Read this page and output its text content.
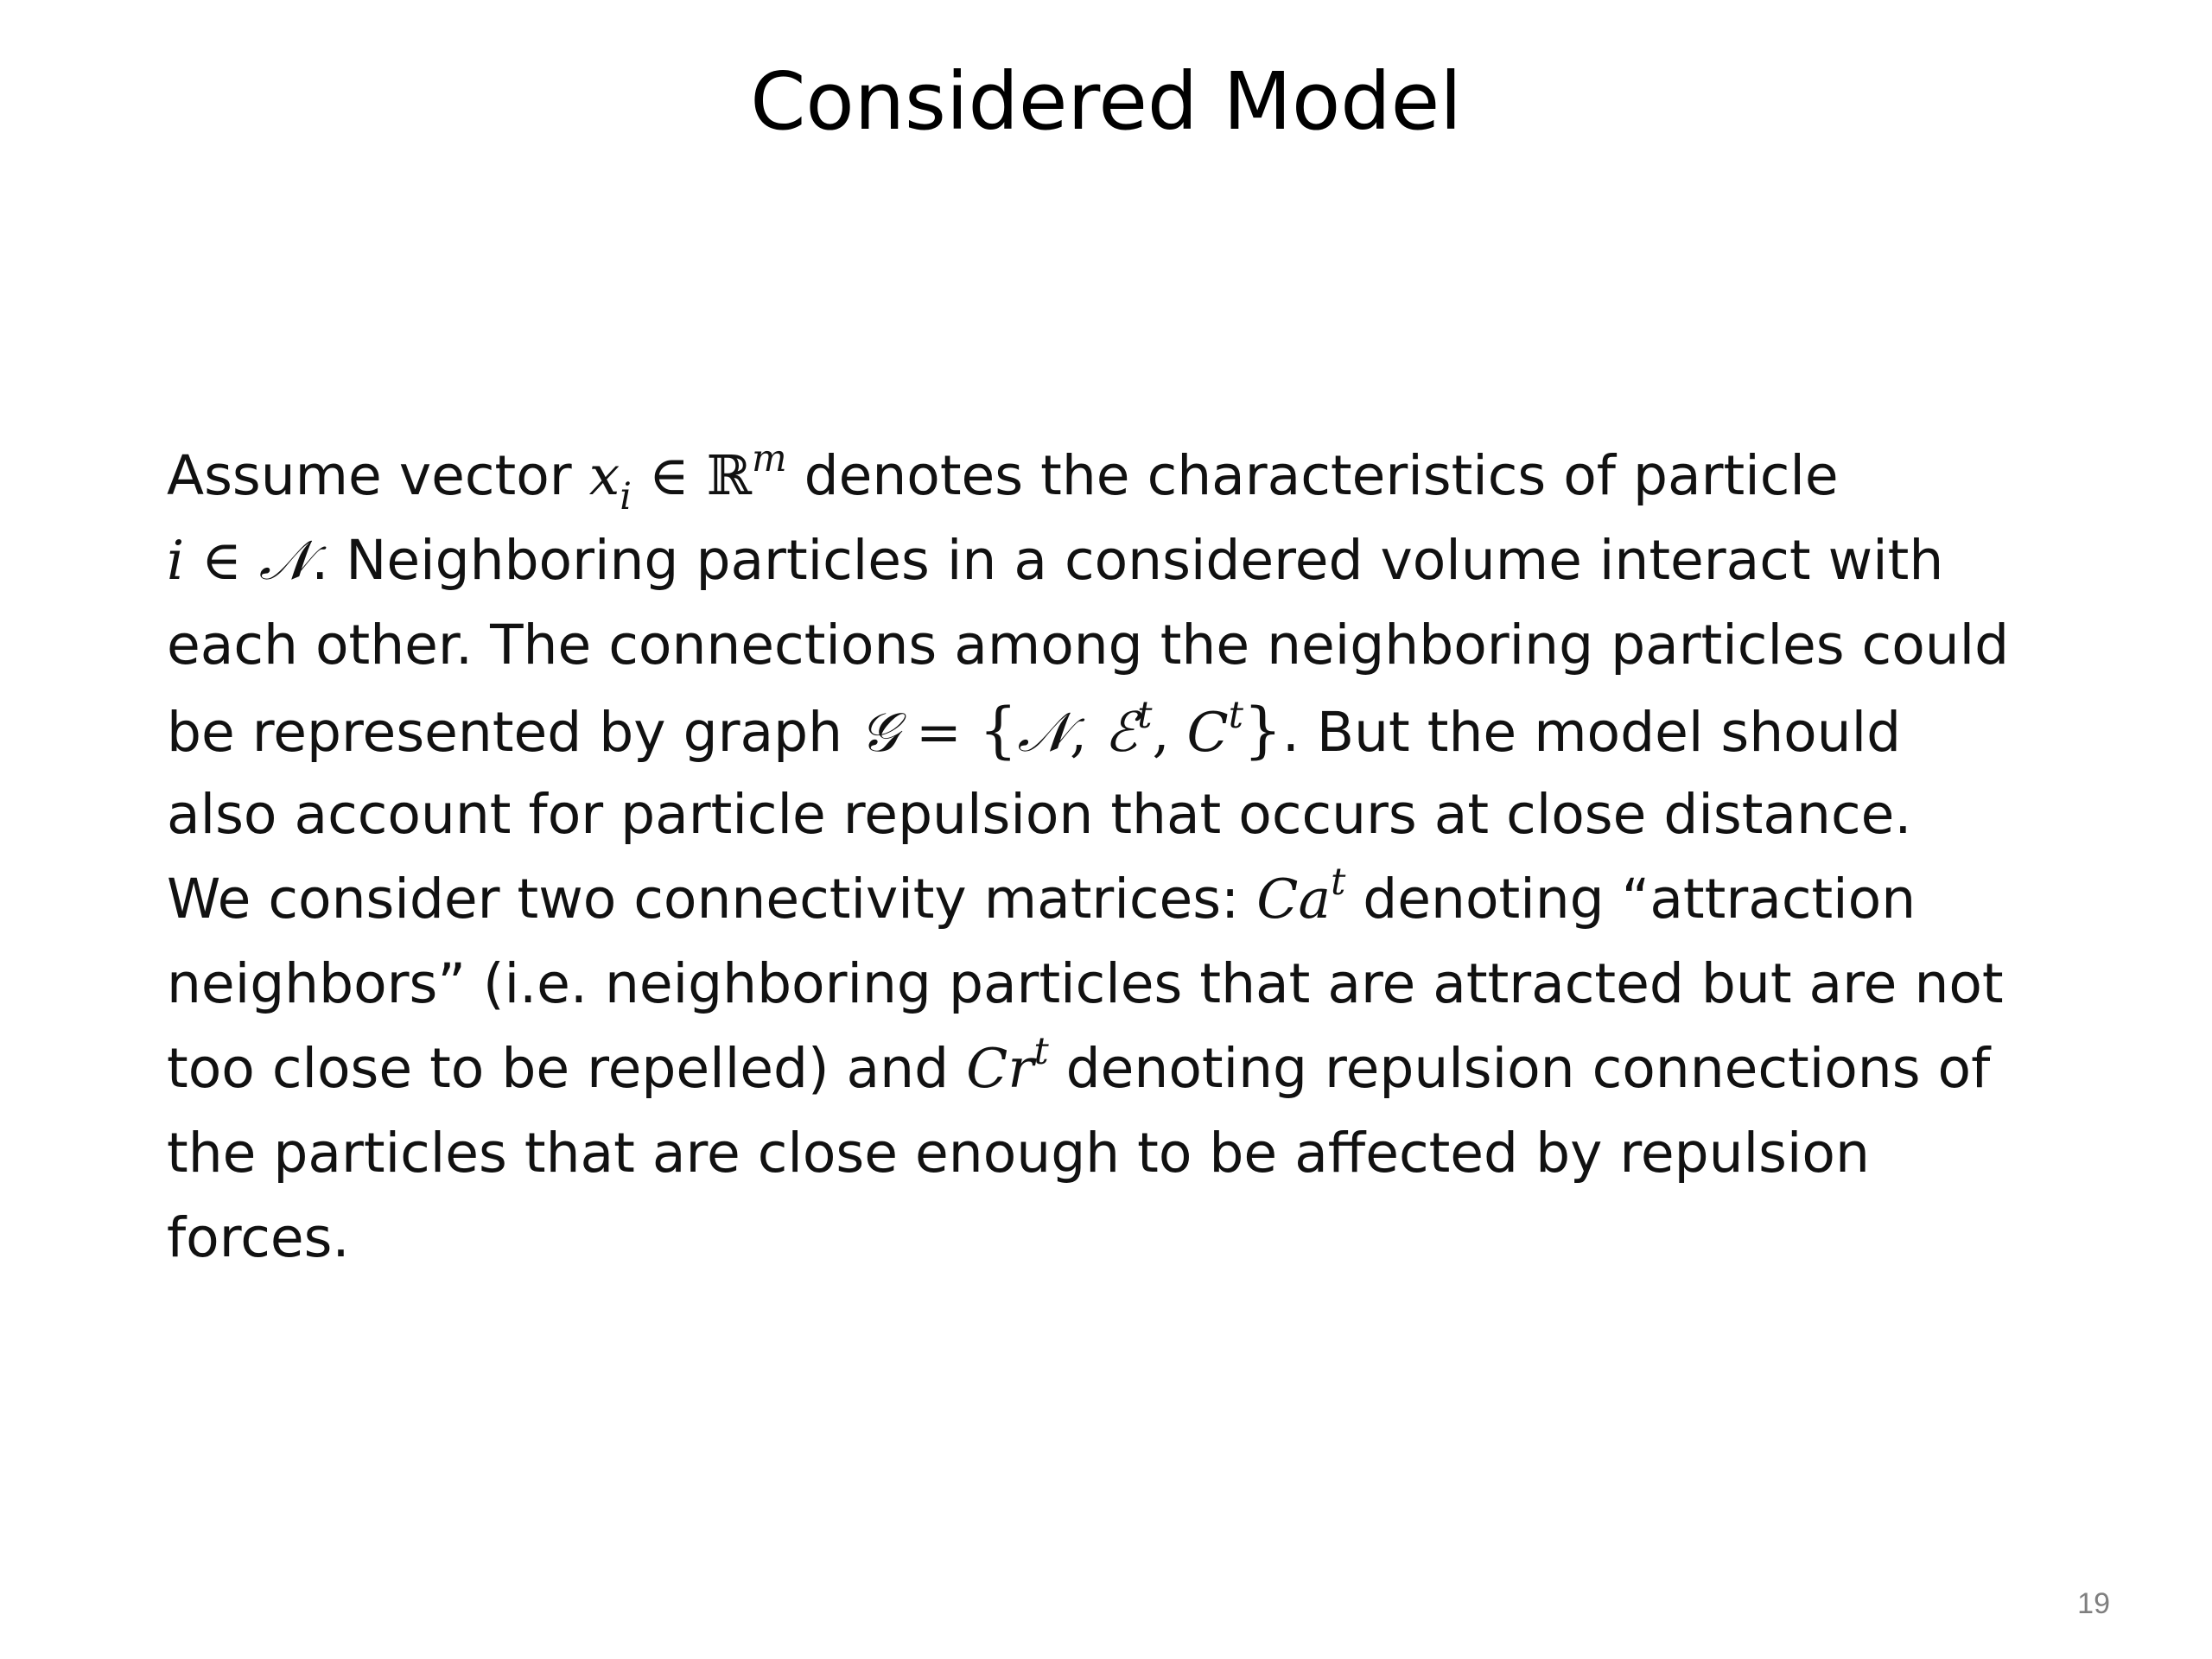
Considered Model
Assume vector $x_i$ ∈ ℝ$^m$ denotes the characteristics of particle
i ∈ 𝒩. Neighboring particles in a considered volume interact with
each other. The connections among the neighboring particles could
be represented by graph 𝒢 = {𝒩, ℰ$^t$, $C^t$}. But the model should
also account for particle repulsion that occurs at close distance.
We consider two connectivity matrices: Ca$^t$ denoting “attraction
neighbors” (i.e. neighboring particles that are attracted but are not
too close to be repelled) and Cr$^t$ denoting repulsion connections of
the particles that are close enough to be affected by repulsion
forces.
19
